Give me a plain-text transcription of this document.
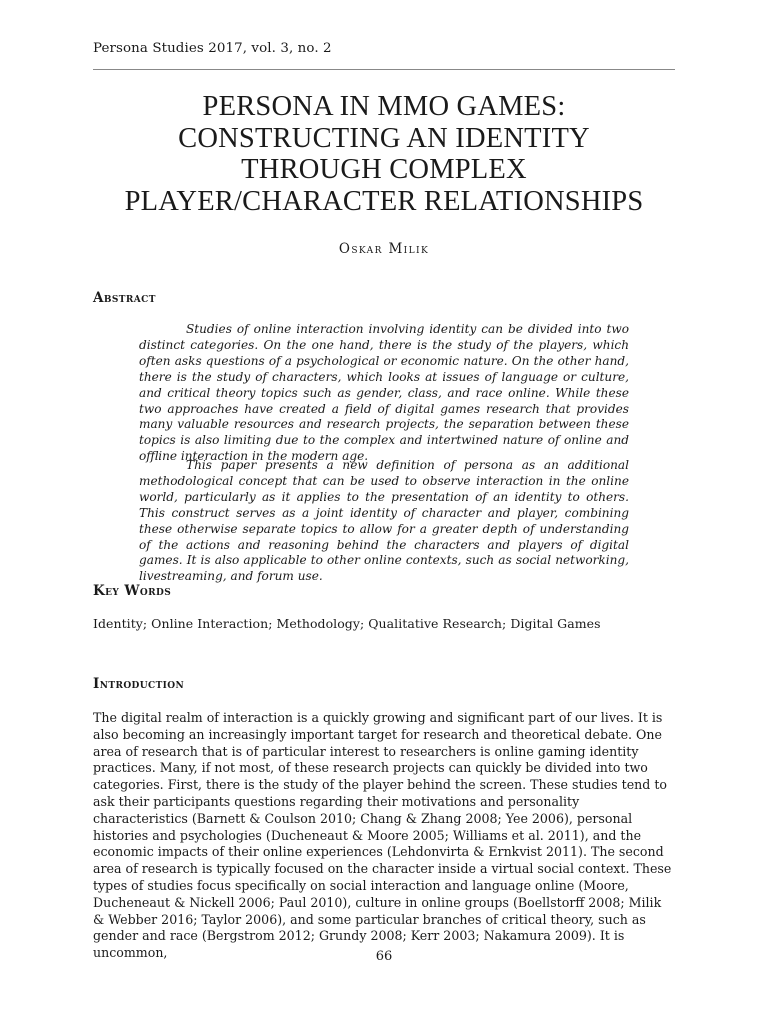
Persona Studies 2017, vol. 3, no. 2
PERSONA IN MMO GAMES:
CONSTRUCTING AN IDENTITY
THROUGH COMPLEX
PLAYER/CHARACTER RELATIONSHIPS
Oskar Milik
Abstract

Studies of online interaction involving identity can be divided into two distinct categories. On the one hand, there is the study of the players, which often asks questions of a psychological or economic nature. On the other hand, there is the study of characters, which looks at issues of language or culture, and critical theory topics such as gender, class, and race online. While these two approaches have created a field of digital games research that provides many valuable resources and research projects, the separation between these topics is also limiting due to the complex and intertwined nature of online and offline interaction in the modern age.

This paper presents a new definition of persona as an additional methodological concept that can be used to observe interaction in the online world, particularly as it applies to the presentation of an identity to others. This construct serves as a joint identity of character and player, combining these otherwise separate topics to allow for a greater depth of understanding of the actions and reasoning behind the characters and players of digital games. It is also applicable to other online contexts, such as social networking, livestreaming, and forum use.

Key Words
Identity; Online Interaction; Methodology; Qualitative Research; Digital Games
Introduction

The digital realm of interaction is a quickly growing and significant part of our lives. It is also becoming an increasingly important target for research and theoretical debate. One area of research that is of particular interest to researchers is online gaming identity practices. Many, if not most, of these research projects can quickly be divided into two categories. First, there is the study of the player behind the screen. These studies tend to ask their participants questions regarding their motivations and personality characteristics (Barnett & Coulson 2010; Chang & Zhang 2008; Yee 2006), personal histories and psychologies (Ducheneaut & Moore 2005; Williams et al. 2011), and the economic impacts of their online experiences (Lehdonvirta & Ernkvist 2011). The second area of research is typically focused on the character inside a virtual social context. These types of studies focus specifically on social interaction and language online (Moore, Ducheneaut & Nickell 2006; Paul 2010), culture in online groups (Boellstorff 2008; Milik & Webber 2016; Taylor 2006), and some particular branches of critical theory, such as gender and race (Bergstrom 2012; Grundy 2008; Kerr 2003; Nakamura 2009). It is uncommon,	66
